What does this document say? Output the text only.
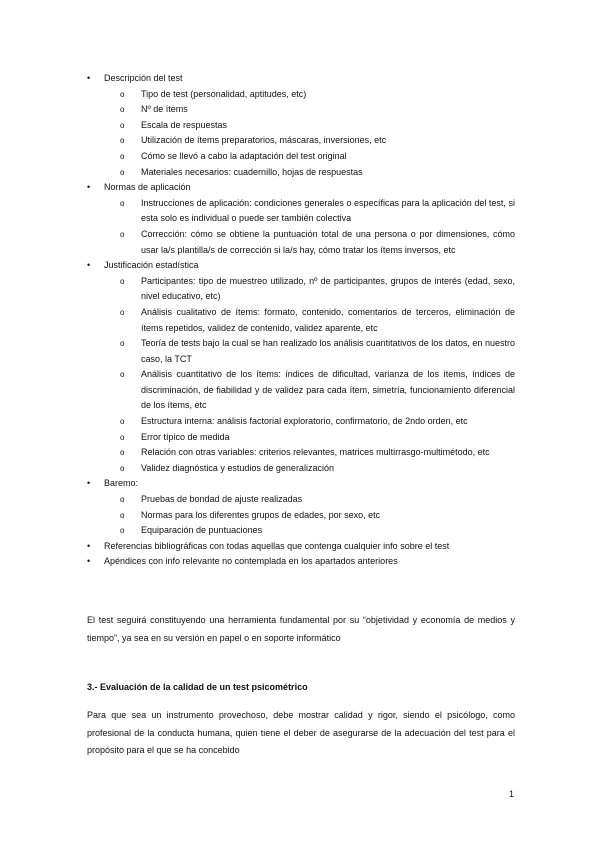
• Descripción del test
o Tipo de test (personalidad, aptitudes, etc)
o Nº de ítems
o Escala de respuestas
o Utilización de ítems preparatorios, máscaras, inversiones, etc
o Cómo se llevó a cabo la adaptación del test original
o Materiales necesarios: cuadernillo, hojas de respuestas
• Normas de aplicación
o Instrucciones de aplicación: condiciones generales o específicas para la aplicación del test, si esta solo es individual o puede ser también colectiva
o Corrección: cómo se obtiene la puntuación total de una persona o por dimensiones, cómo usar la/s plantilla/s de corrección si la/s hay, cómo tratar los ítems inversos, etc
• Justificación estadística
o Participantes: tipo de muestreo utilizado, nº de participantes, grupos de interés (edad, sexo, nivel educativo, etc)
o Análisis cualitativo de ítems: formato, contenido, comentarios de terceros, eliminación de ítems repetidos, validez de contenido, validez aparente, etc
o Teoría de tests bajo la cual se han realizado los análisis cuantitativos de los datos, en nuestro caso, la TCT
o Análisis cuantitativo de los ítems: índices de dificultad, varianza de los ítems, índices de discriminación, de fiabilidad y de validez para cada ítem, simetría, funcionamiento diferencial de los ítems, etc
o Estructura interna: análisis factorial exploratorio, confirmatorio, de 2ndo orden, etc
o Error típico de medida
o Relación con otras variables: criterios relevantes, matrices multirrasgo-multimétodo, etc
o Validez diagnóstica y estudios de generalización
• Baremo:
o Pruebas de bondad de ajuste realizadas
o Normas para los diferentes grupos de edades, por sexo, etc
o Equiparación de puntuaciones
• Referencias bibliográficas con todas aquellas que contenga cualquier info sobre el test
• Apéndices con info relevante no contemplada en los apartados anteriores

El test seguirá constituyendo una herramienta fundamental por su “objetividad y economía de medios y tiempo”, ya sea en su versión en papel o en soporte informático

3.- Evaluación de la calidad de un test psicométrico

Para que sea un instrumento provechoso, debe mostrar calidad y rigor, siendo el psicólogo, como profesional de la conducta humana, quien tiene el deber de asegurarse de la adecuación del test para el propósito para el que se ha concebido

1
